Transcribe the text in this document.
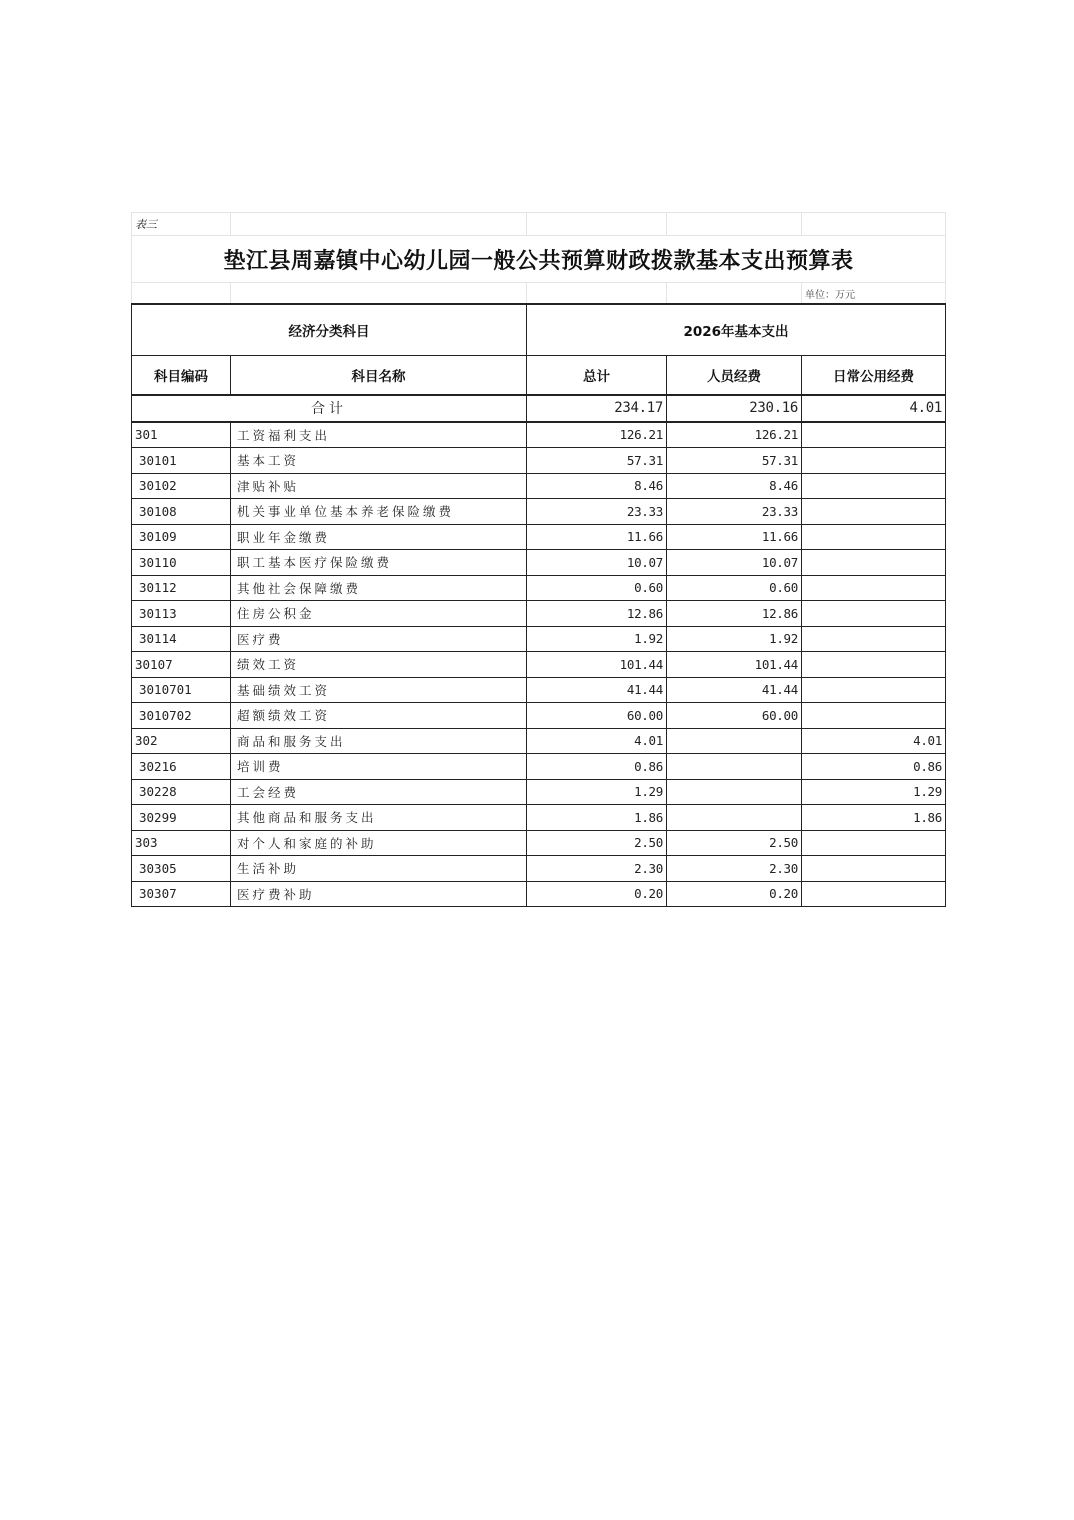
表三				
垫江县周嘉镇中心幼儿园一般公共预算财政拨款基本支出预算表				
				单位：万元
经济分类科目		2026年基本支出		
科目编码	科目名称	总计	人员经费	日常公用经费
合计		234.17	230.16	4.01
301	工资福利支出	126.21	126.21	
30101	基本工资	57.31	57.31	
30102	津贴补贴	8.46	8.46	
30108	机关事业单位基本养老保险缴费	23.33	23.33	
30109	职业年金缴费	11.66	11.66	
30110	职工基本医疗保险缴费	10.07	10.07	
30112	其他社会保障缴费	0.60	0.60	
30113	住房公积金	12.86	12.86	
30114	医疗费	1.92	1.92	
30107	绩效工资	101.44	101.44	
3010701	基础绩效工资	41.44	41.44	
3010702	超额绩效工资	60.00	60.00	
302	商品和服务支出	4.01		4.01
30216	培训费	0.86		0.86
30228	工会经费	1.29		1.29
30299	其他商品和服务支出	1.86		1.86
303	对个人和家庭的补助	2.50	2.50	
30305	生活补助	2.30	2.30	
30307	医疗费补助	0.20	0.20	
